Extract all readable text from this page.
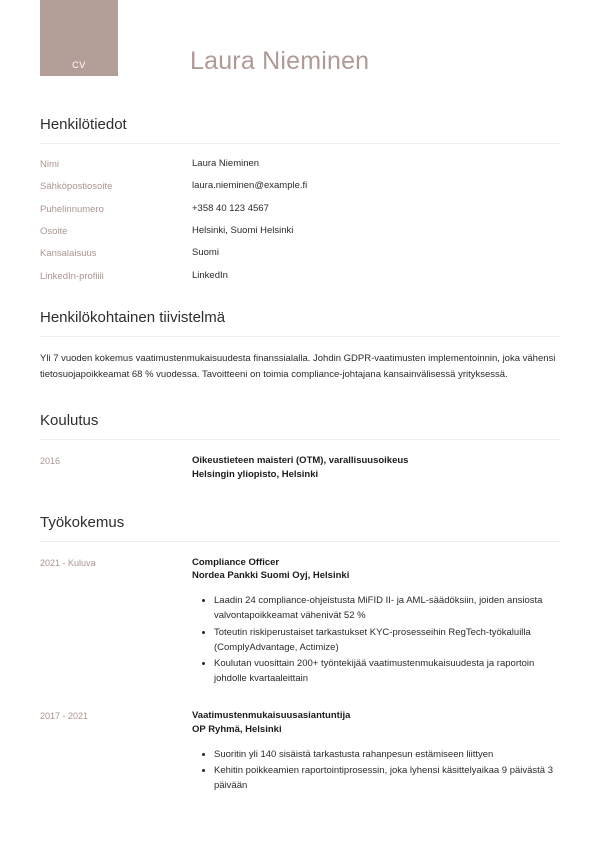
CV	Laura Nieminen
Henkilötiedot
Nimi	Laura Nieminen
Sähköpostiosoite	laura.nieminen@example.fi
Puhelinnumero	+358 40 123 4567
Osoite	Helsinki, Suomi Helsinki
Kansalaisuus	Suomi
LinkedIn-profiili	LinkedIn
Henkilökohtainen tiivistelmä
Yli 7 vuoden kokemus vaatimustenmukaisuudesta finanssialalla. Johdin GDPR-vaatimusten implementoinnin, joka vähensi tietosuojapoikkeamat 68 % vuodessa. Tavoitteeni on toimia compliance-johtajana kansainvälisessä yrityksessä.
Koulutus
2016	Oikeustieteen maisteri (OTM), varallisuusoikeus
Helsingin yliopisto, Helsinki
Työkokemus
2021 - Kuluva	Compliance Officer
Nordea Pankki Suomi Oyj, Helsinki
• Laadin 24 compliance-ohjeistusta MiFID II- ja AML-säädöksiin, joiden ansiosta valvontapoikkeamat vähenivät 52 %
• Toteutin riskiperustaiset tarkastukset KYC-prosesseihin RegTech-työkaluilla (ComplyAdvantage, Actimize)
• Koulutan vuosittain 200+ työntekijää vaatimustenmukaisuudesta ja raportoin johdolle kvartaaleittain
2017 - 2021	Vaatimustenmukaisuusasiantuntija
OP Ryhmä, Helsinki
• Suoritin yli 140 sisäistä tarkastusta rahanpesun estämiseen liittyen
• Kehitin poikkeamien raportointiprosessin, joka lyhensi käsittelyaikaa 9 päivästä 3 päivään
